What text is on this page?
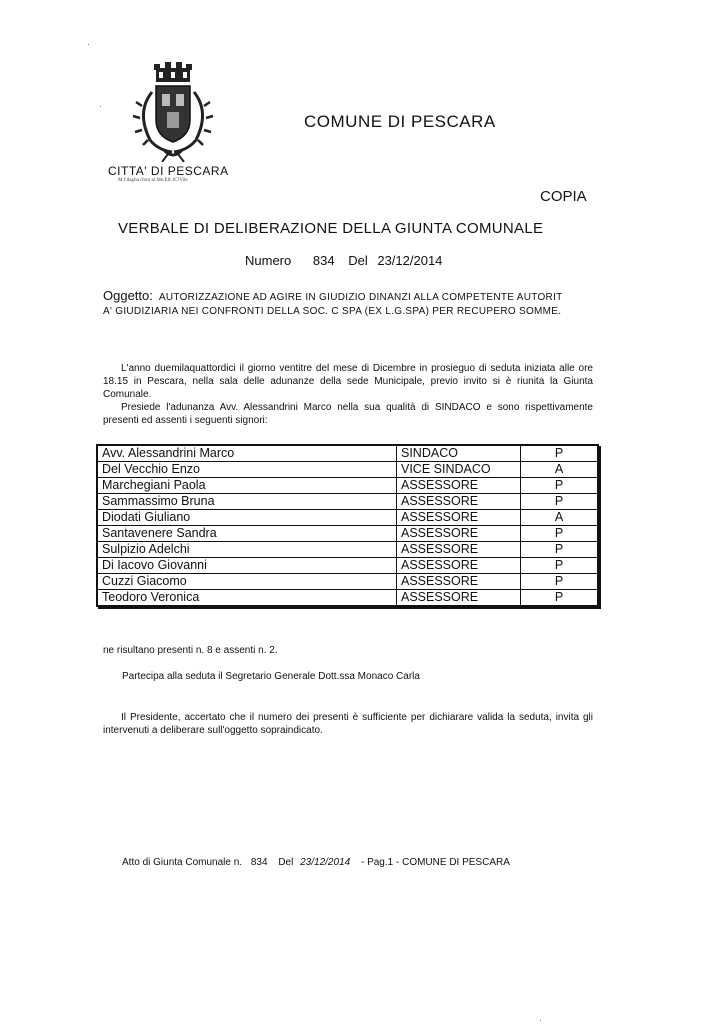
CITTA' DI PESCARA
M f:daglia d'oro al Me:Ell:.tC!Vile
COMUNE DI PESCARA
COPIA
VERBALE DI DELIBERAZIONE DELLA GIUNTA COMUNALE
Numero 834 Del 23/12/2014
Oggetto: AUTORIZZAZIONE AD AGIRE IN GIUDIZIO DINANZI ALLA COMPETENTE AUTORIT A' GIUDIZIARIA NEI CONFRONTI DELLA SOC. C SPA (EX L.G.SPA) PER RECUPERO SOMME.
L'anno duemilaquattordici il giorno ventitre del mese di Dicembre in prosieguo di seduta iniziata alle ore 18.15 in Pescara, nella sala delle adunanze della sede Municipale, previo invito si è riunita la Giunta Comunale.
Presiede l'adunanza Avv. Alessandrini Marco nella sua qualità di SINDACO e sono rispettivamente presenti ed assenti i seguenti signori:
Avv. Alessandrini Marco	SINDACO	P
Del Vecchio Enzo	VICE SINDACO	A
Marchegiani Paola	ASSESSORE	P
Sammassimo Bruna	ASSESSORE	P
Diodati Giuliano	ASSESSORE	A
Santavenere Sandra	ASSESSORE	P
Sulpizio Adelchi	ASSESSORE	P
Di Iacovo Giovanni	ASSESSORE	P
Cuzzi Giacomo	ASSESSORE	P
Teodoro Veronica	ASSESSORE	P
ne risultano presenti n. 8 e assenti n. 2.
Partecipa alla seduta il Segretario Generale Dott.ssa Monaco Carla
Il Presidente, accertato che il numero dei presenti è sufficiente per dichiarare valida la seduta, invita gli intervenuti a deliberare sull'oggetto sopraindicato.
Atto di Giunta Comunale n. 834 Del 23/12/2014 - Pag.1 - COMUNE DI PESCARA
